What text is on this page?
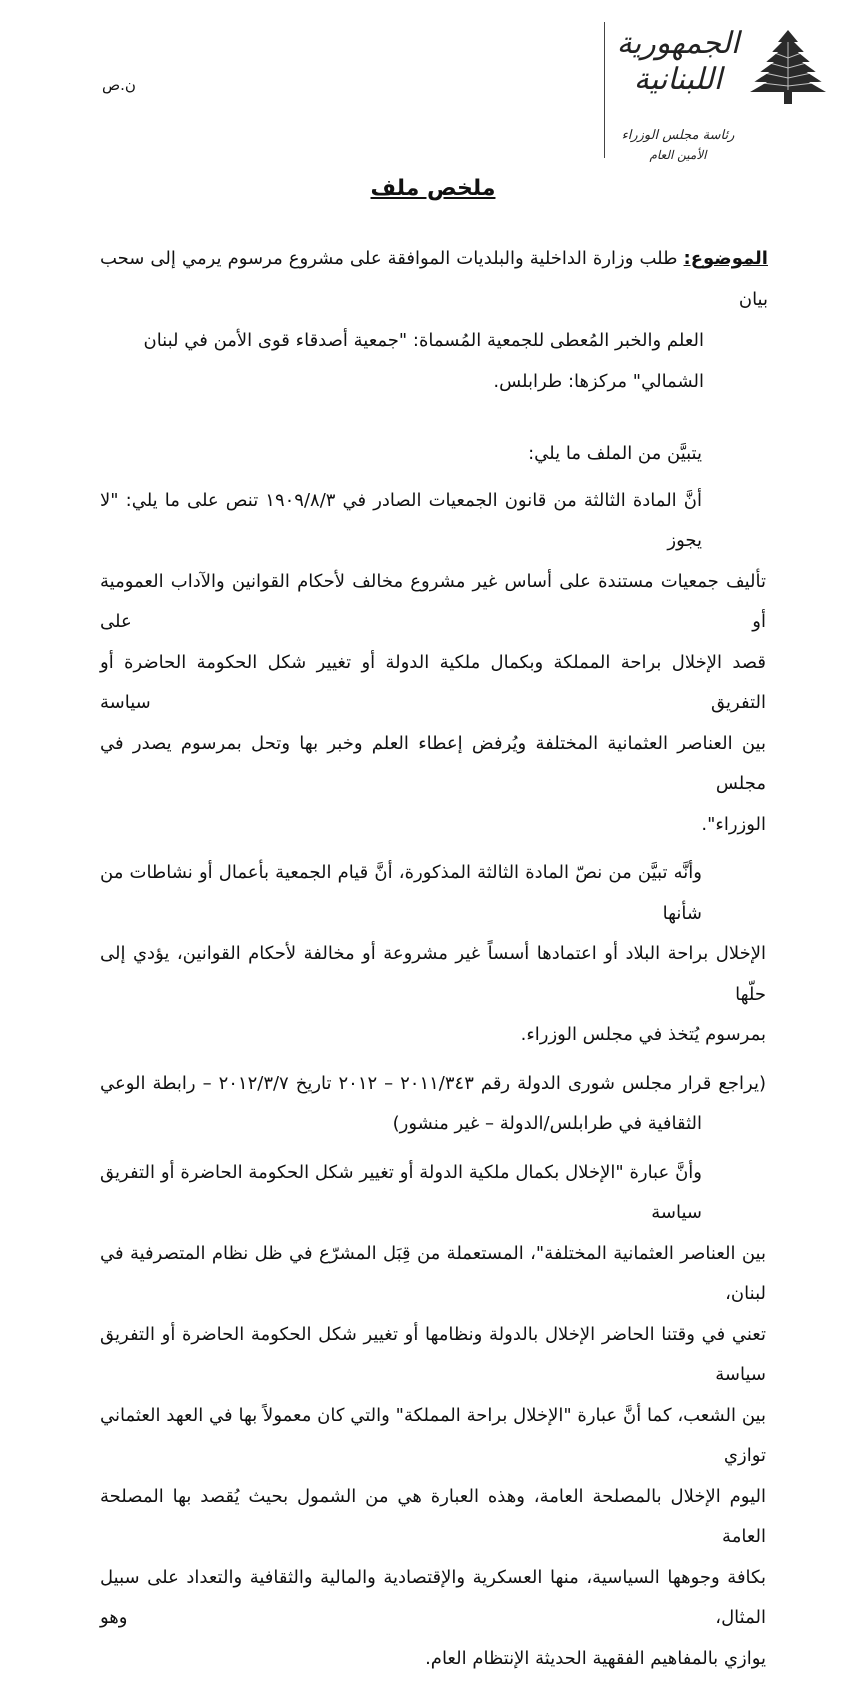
ن.ص
الجمهورية
اللبنانية
رئاسة مجلس الوزراء
الأمين العام
ملخص ملف
الموضوع: طلب وزارة الداخلية والبلديات الموافقة على مشروع مرسوم يرمي إلى سحب بيان
العلم والخبر المُعطى للجمعية المُسماة: "جمعية أصدقاء قوى الأمن في لبنان
الشمالي" مركزها: طرابلس.

يتبيَّن من الملف ما يلي:

أنَّ المادة الثالثة من قانون الجمعيات الصادر في ١٩٠٩/٨/٣ تنص على ما يلي: "لا يجوز
تأليف جمعيات مستندة على أساس غير مشروع مخالف لأحكام القوانين والآداب العمومية أو على
قصد الإخلال براحة المملكة وبكمال ملكية الدولة أو تغيير شكل الحكومة الحاضرة أو التفريق سياسة
بين العناصر العثمانية المختلفة ويُرفض إعطاء العلم وخبر بها وتحل بمرسوم يصدر في مجلس
الوزراء".
وأنَّه تبيَّن من نصّ المادة الثالثة المذكورة، أنَّ قيام الجمعية بأعمال أو نشاطات من شأنها
الإخلال براحة البلاد أو اعتمادها أسساً غير مشروعة أو مخالفة لأحكام القوانين، يؤدي إلى حلّها
بمرسوم يُتخذ في مجلس الوزراء.
(يراجع قرار مجلس شورى الدولة رقم ٢٠١١/٣٤٣ – ٢٠١٢ تاريخ ٢٠١٢/٣/٧ – رابطة الوعي
الثقافية في طرابلس/الدولة – غير منشور)
وأنَّ عبارة "الإخلال بكمال ملكية الدولة أو تغيير شكل الحكومة الحاضرة أو التفريق سياسة
بين العناصر العثمانية المختلفة"، المستعملة من قِبَل المشرّع في ظل نظام المتصرفية في لبنان،
تعني في وقتنا الحاضر الإخلال بالدولة ونظامها أو تغيير شكل الحكومة الحاضرة أو التفريق سياسة
بين الشعب، كما أنَّ عبارة "الإخلال براحة المملكة" والتي كان معمولاً بها في العهد العثماني توازي
اليوم الإخلال بالمصلحة العامة، وهذه العبارة هي من الشمول بحيث يُقصد بها المصلحة العامة
بكافة وجوهها السياسية، منها العسكرية والإقتصادية والمالية والثقافية والتعداد على سبيل المثال، وهو
يوازي بالمفاهيم الفقهية الحديثة الإنتظام العام.
